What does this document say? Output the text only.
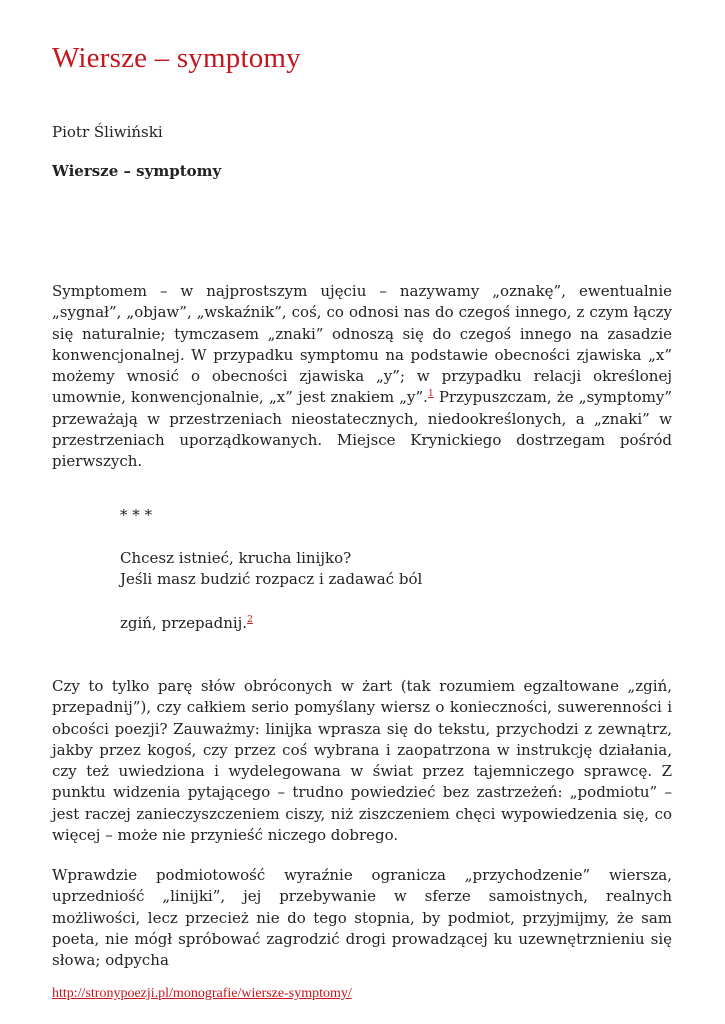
Wiersze – symptomy
Piotr Śliwiński
Wiersze – symptomy

Symptomem – w najprostszym ujęciu – nazywamy „oznakę”, ewentualnie „sygnał”, „objaw”, „wskaźnik”, coś, co odnosi nas do czegoś innego, z czym łączy się naturalnie; tymczasem „znaki” odnoszą się do czegoś innego na zasadzie konwencjonalnej. W przypadku symptomu na podstawie obecności zjawiska „x” możemy wnosić o obecności zjawiska „y”; w przypadku relacji określonej umownie, konwencjonalnie, „x” jest znakiem „y”.$^1$ Przypuszczam, że „symptomy” przeważają w przestrzeniach nieostatecznych, niedookreślonych, a „znaki” w przestrzeniach uporządkowanych. Miejsce Krynickiego dostrzegam pośród pierwszych.

* * *
Chcesz istnieć, krucha linijko?
Jeśli masz budzić rozpacz i zadawać ból
zgiń, przepadnij.$^2$

Czy to tylko parę słów obróconych w żart (tak rozumiem egzaltowane „zgiń, przepadnij”), czy całkiem serio pomyślany wiersz o konieczności, suwerenności i obcości poezji? Zauważmy: linijka wprasza się do tekstu, przychodzi z zewnątrz, jakby przez kogoś, czy przez coś wybrana i zaopatrzona w instrukcję działania, czy też uwiedziona i wydelegowana w świat przez tajemniczego sprawcę. Z punktu widzenia pytającego – trudno powiedzieć bez zastrzeżeń: „podmiotu” – jest raczej zanieczyszczeniem ciszy, niż ziszczeniem chęci wypowiedzenia się, co więcej – może nie przynieść niczego dobrego.

Wprawdzie podmiotowość wyraźnie ogranicza „przychodzenie” wiersza, uprzedniość „linijki”, jej przebywanie w sferze samoistnych, realnych możliwości, lecz przecież nie do tego stopnia, by podmiot, przyjmijmy, że sam poeta, nie mógł spróbować zagrodzić drogi prowadzącej ku uzewnętrznieniu się słowa; odpycha

http://stronypoezji.pl/monografie/wiersze-symptomy/
